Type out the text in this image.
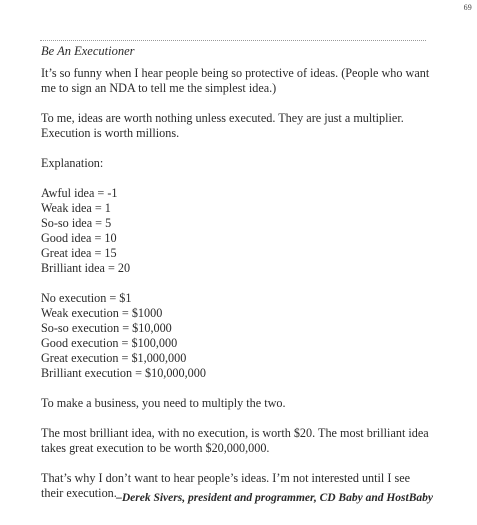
69
Be An Executioner

It’s so funny when I hear people being so protective of ideas. (People who want
me to sign an NDA to tell me the simplest idea.)

To me, ideas are worth nothing unless executed. They are just a multiplier.
Execution is worth millions.

Explanation:

Awful idea = -1
Weak idea = 1
So-so idea = 5
Good idea = 10
Great idea = 15
Brilliant idea = 20

No execution = $1
Weak execution = $1000
So-so execution = $10,000
Good execution = $100,000
Great execution = $1,000,000
Brilliant execution = $10,000,000

To make a business, you need to multiply the two.

The most brilliant idea, with no execution, is worth $20. The most brilliant idea
takes great execution to be worth $20,000,000.

That’s why I don’t want to hear people’s ideas. I’m not interested until I see
their execution. –Derek Sivers, president and programmer, CD Baby and HostBaby
